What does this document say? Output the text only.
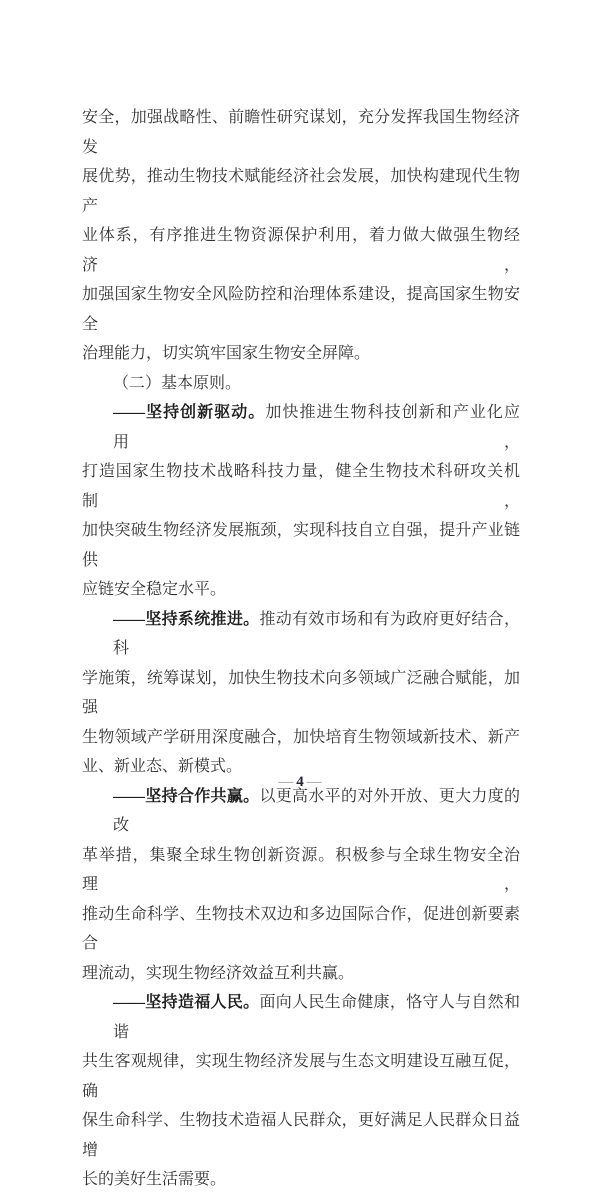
安全，加强战略性、前瞻性研究谋划，充分发挥我国生物经济发
展优势，推动生物技术赋能经济社会发展，加快构建现代生物产
业体系，有序推进生物资源保护利用，着力做大做强生物经济，
加强国家生物安全风险防控和治理体系建设，提高国家生物安全
治理能力，切实筑牢国家生物安全屏障。
（二）基本原则。
——坚持创新驱动。加快推进生物科技创新和产业化应用，
打造国家生物技术战略科技力量，健全生物技术科研攻关机制，
加快突破生物经济发展瓶颈，实现科技自立自强，提升产业链供
应链安全稳定水平。
——坚持系统推进。推动有效市场和有为政府更好结合，科
学施策，统筹谋划，加快生物技术向多领域广泛融合赋能，加强
生物领域产学研用深度融合，加快培育生物领域新技术、新产
业、新业态、新模式。
——坚持合作共赢。以更高水平的对外开放、更大力度的改
革举措，集聚全球生物创新资源。积极参与全球生物安全治理，
推动生命科学、生物技术双边和多边国际合作，促进创新要素合
理流动，实现生物经济效益互利共赢。
——坚持造福人民。面向人民生命健康，恪守人与自然和谐
共生客观规律，实现生物经济发展与生态文明建设互融互促，确
保生命科学、生物技术造福人民群众，更好满足人民群众日益增
长的美好生活需要。
— 4 —
